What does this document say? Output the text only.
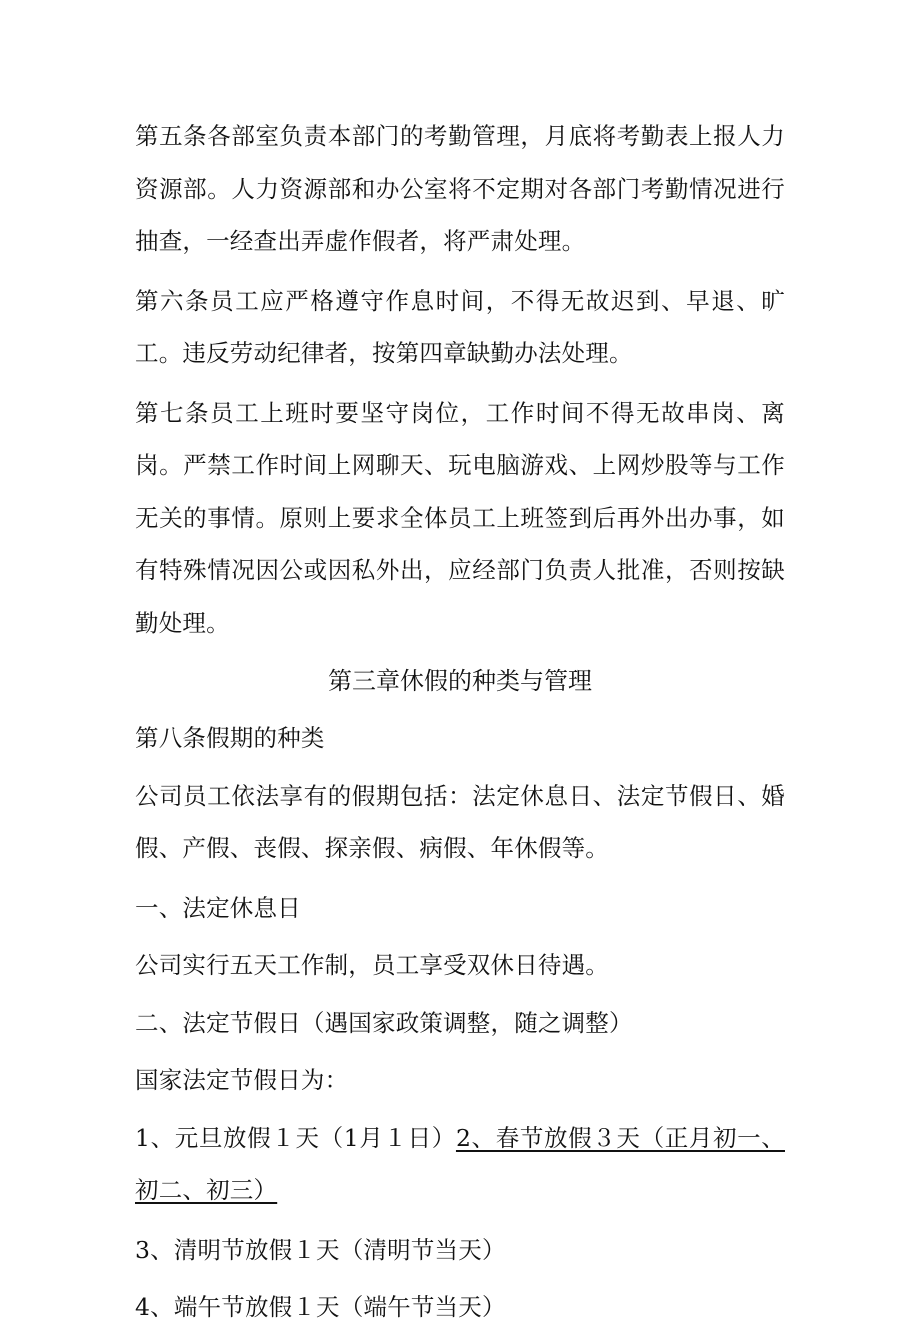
第五条各部室负责本部门的考勤管理，月底将考勤表上报人力资源部。人力资源部和办公室将不定期对各部门考勤情况进行抽查，一经查出弄虚作假者，将严肃处理。

第六条员工应严格遵守作息时间，不得无故迟到、早退、旷工。违反劳动纪律者，按第四章缺勤办法处理。

第七条员工上班时要坚守岗位，工作时间不得无故串岗、离岗。严禁工作时间上网聊天、玩电脑游戏、上网炒股等与工作无关的事情。原则上要求全体员工上班签到后再外出办事，如有特殊情况因公或因私外出，应经部门负责人批准，否则按缺勤处理。

第三章休假的种类与管理

第八条假期的种类

公司员工依法享有的假期包括：法定休息日、法定节假日、婚假、产假、丧假、探亲假、病假、年休假等。

一、法定休息日

公司实行五天工作制，员工享受双休日待遇。

二、法定节假日（遇国家政策调整，随之调整）

国家法定节假日为：

1、元旦放假１天（1月１日）2、春节放假３天（正月初一、初二、初三）

3、清明节放假１天（清明节当天）

4、端午节放假１天（端午节当天）
